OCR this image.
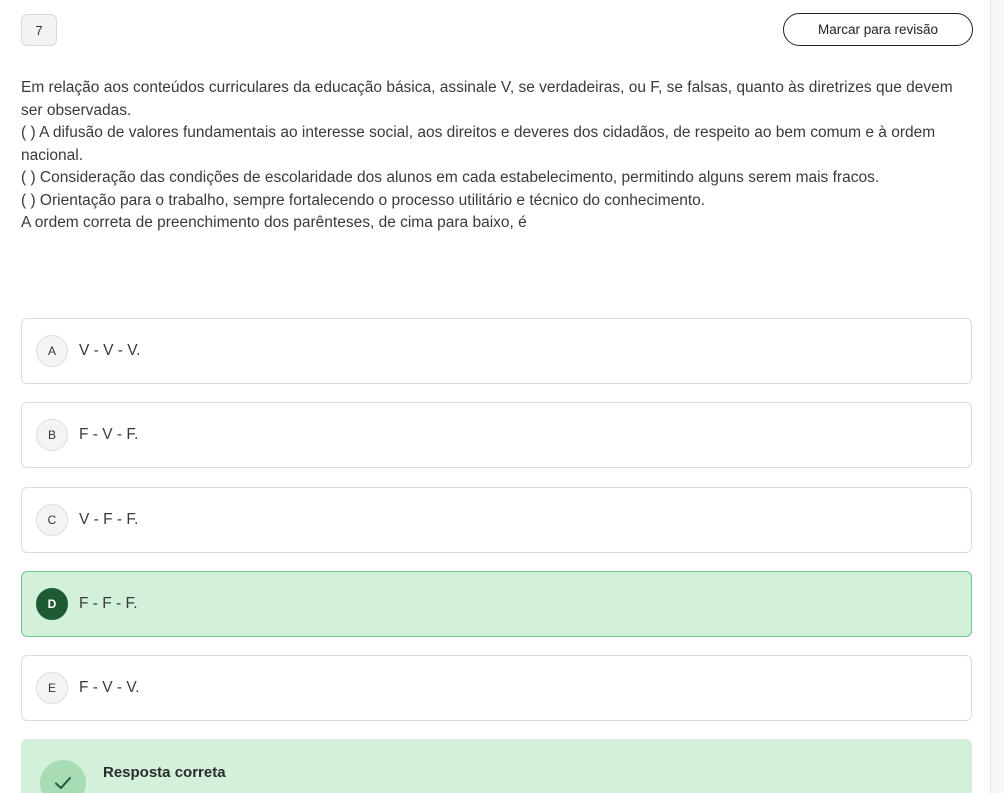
7	Marcar para revisão

Em relação aos conteúdos curriculares da educação básica, assinale V, se verdadeiras, ou F, se falsas, quanto às diretrizes que devem ser observadas.

( ) A difusão de valores fundamentais ao interesse social, aos direitos e deveres dos cidadãos, de respeito ao bem comum e à ordem nacional.

( ) Consideração das condições de escolaridade dos alunos em cada estabelecimento, permitindo alguns serem mais fracos.

( ) Orientação para o trabalho, sempre fortalecendo o processo utilitário e técnico do conhecimento.

A ordem correta de preenchimento dos parênteses, de cima para baixo, é

A	V - V - V.
B	F - V - F.
C	V - F - F.
D	F - F - F.
E	F - V - V.
Resposta correta
